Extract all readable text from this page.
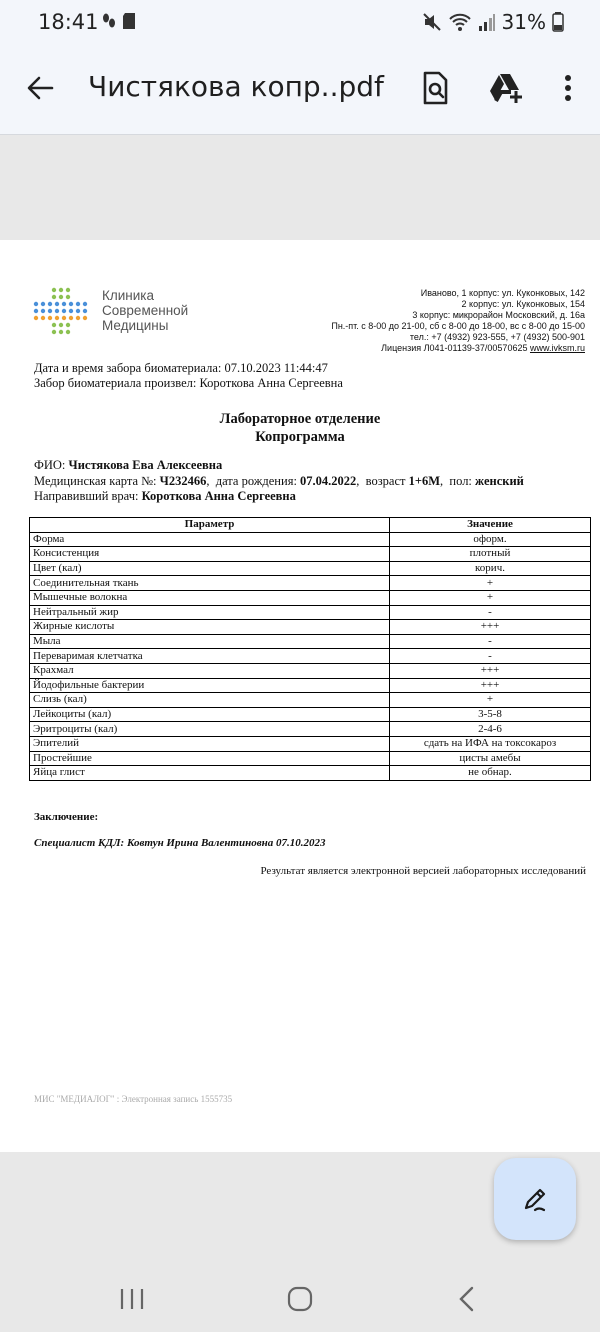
18:41	31%
Чистякова копр..pdf
Клиника
Современной
Медицины
Иваново, 1 корпус: ул. Куконковых, 142
2 корпус: ул. Куконковых, 154
3 корпус: микрорайон Московский, д. 16а
Пн.-пт. с 8-00 до 21-00, сб с 8-00 до 18-00, вс с 8-00 до 15-00
тел.: +7 (4932) 923-555, +7 (4932) 500-901
Лицензия Л041-01139-37/00570625 www.ivksm.ru
Дата и время забора биоматериала: 07.10.2023 11:44:47
Забор биоматериала произвел: Короткова Анна Сергеевна
Лабораторное отделение
Копрограмма
ФИО: Чистякова Ева Алексеевна
Медицинская карта №: Ч232466,  дата рождения: 07.04.2022,  возраст 1+6М,  пол: женский
Направивший врач: Короткова Анна Сергеевна
Параметр	Значение
Форма	оформ.
Консистенция	плотный
Цвет (кал)	корич.
Соединительная ткань	+
Мышечные волокна	+
Нейтральный жир	-
Жирные кислоты	+++
Мыла	-
Переваримая клетчатка	-
Крахмал	+++
Йодофильные бактерии	+++
Слизь (кал)	+
Лейкоциты (кал)	3-5-8
Эритроциты (кал)	2-4-6
Эпителий	сдать на ИФА на токсокароз
Простейшие	цисты амебы
Яйца глист	не обнар.
Заключение:
Специалист КДЛ: Ковтун Ирина Валентиновна 07.10.2023
Результат является электронной версией лабораторных исследований
МИС "МЕДИАЛОГ" : Электронная запись 1555735
